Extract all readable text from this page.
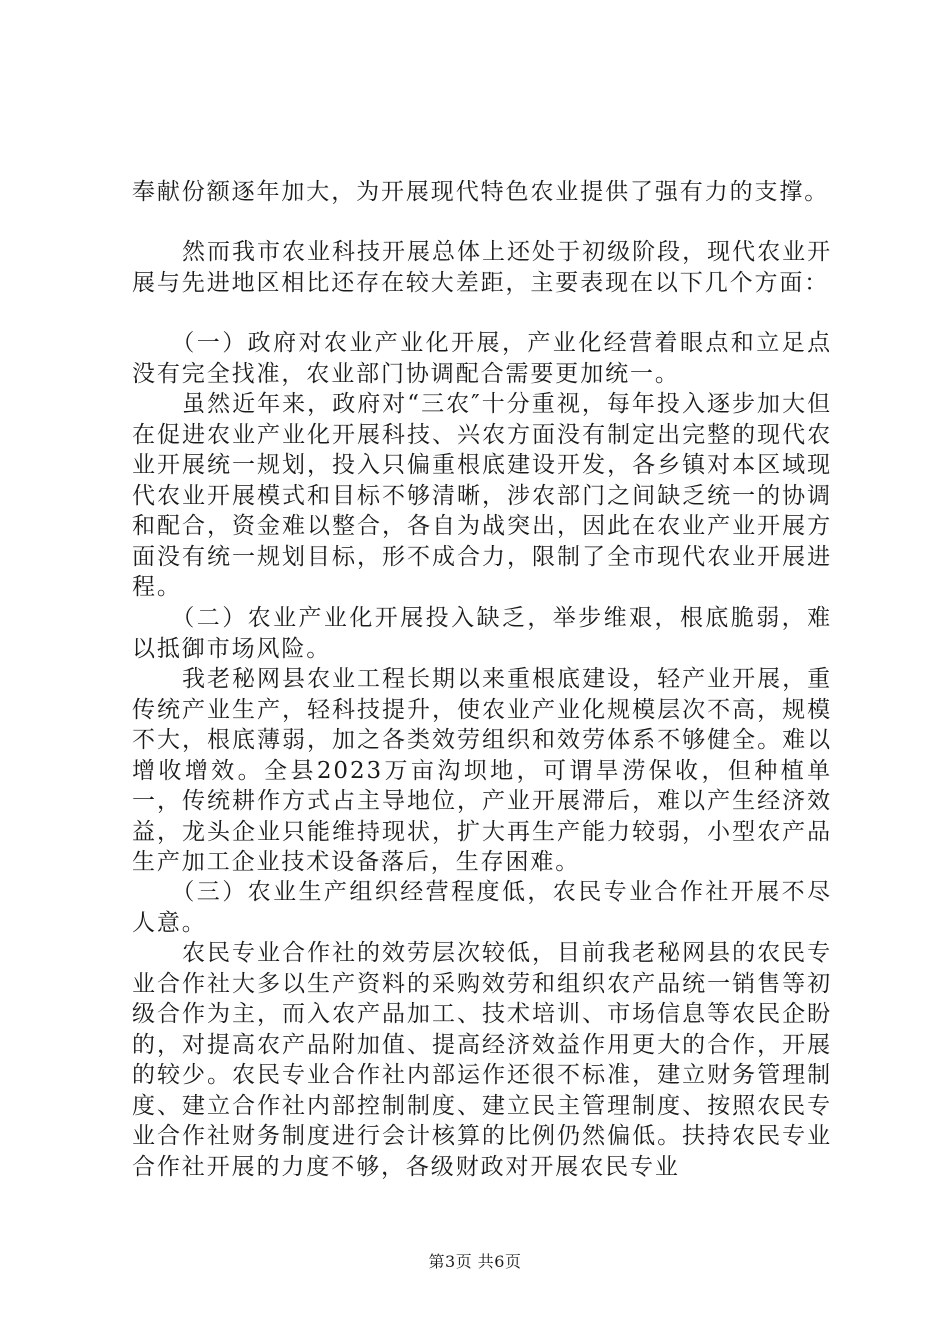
奉献份额逐年加大，为开展现代特色农业提供了强有力的支撑。

　　然而我市农业科技开展总体上还处于初级阶段，现代农业开展与先进地区相比还存在较大差距，主要表现在以下几个方面：

　　（一）政府对农业产业化开展，产业化经营着眼点和立足点没有完全找准，农业部门协调配合需要更加统一。

　　虽然近年来，政府对“三农″十分重视，每年投入逐步加大但在促进农业产业化开展科技、兴农方面没有制定出完整的现代农业开展统一规划，投入只偏重根底建设开发，各乡镇对本区域现代农业开展模式和目标不够清晰，涉农部门之间缺乏统一的协调和配合，资金难以整合，各自为战突出，因此在农业产业开展方面没有统一规划目标，形不成合力，限制了全市现代农业开展进程。

　　（二）农业产业化开展投入缺乏，举步维艰，根底脆弱，难以抵御市场风险。

　　我老秘网县农业工程长期以来重根底建设，轻产业开展，重传统产业生产，轻科技提升，使农业产业化规模层次不高，规模不大，根底薄弱，加之各类效劳组织和效劳体系不够健全。难以增收增效。全县2023万亩沟坝地，可谓旱涝保收，但种植单一，传统耕作方式占主导地位，产业开展滞后，难以产生经济效益，龙头企业只能维持现状，扩大再生产能力较弱，小型农产品生产加工企业技术设备落后，生存困难。

　　（三）农业生产组织经营程度低，农民专业合作社开展不尽人意。

　　农民专业合作社的效劳层次较低，目前我老秘网县的农民专业合作社大多以生产资料的采购效劳和组织农产品统一销售等初级合作为主，而入农产品加工、技术培训、市场信息等农民企盼的，对提高农产品附加值、提高经济效益作用更大的合作，开展的较少。农民专业合作社内部运作还很不标准，建立财务管理制度、建立合作社内部控制制度、建立民主管理制度、按照农民专业合作社财务制度进行会计核算的比例仍然偏低。扶持农民专业合作社开展的力度不够，各级财政对开展农民专业

第3页 共6页
